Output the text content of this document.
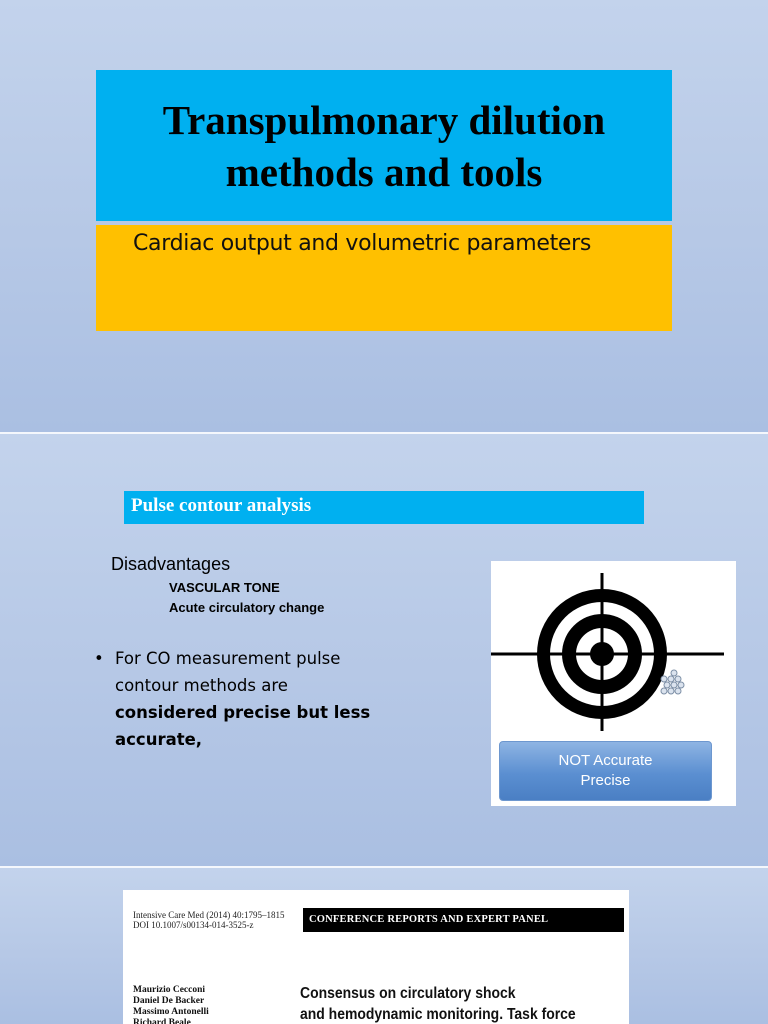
Transpulmonary dilution
methods and tools
Cardiac output and volumetric parameters
Pulse contour analysis
Disadvantages
VASCULAR TONE
Acute circulatory change
• For CO measurement pulse
contour methods are
considered precise but less
accurate,
NOT Accurate
Precise
Intensive Care Med (2014) 40:1795–1815
DOI 10.1007/s00134-014-3525-z	CONFERENCE REPORTS AND EXPERT PANEL
Maurizio Cecconi
Daniel De Backer
Massimo Antonelli
Richard Beale
Consensus on circulatory shock
and hemodynamic monitoring. Task force
